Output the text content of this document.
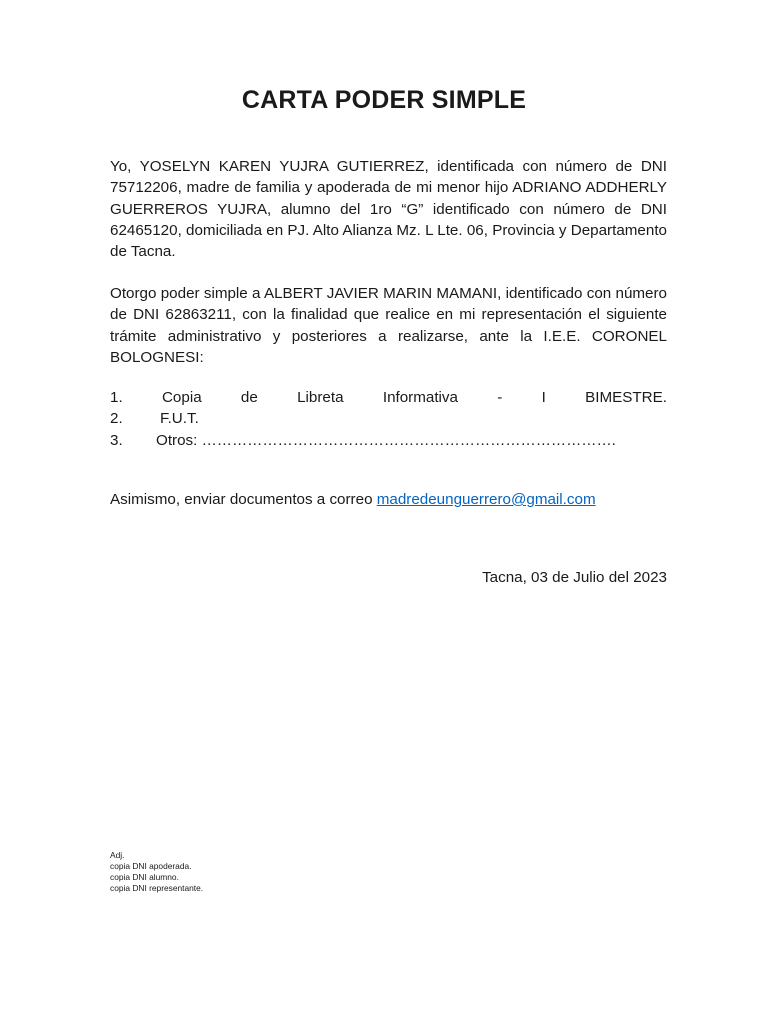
CARTA PODER SIMPLE

Yo, YOSELYN KAREN YUJRA GUTIERREZ, identificada con número de DNI 75712206, madre de familia y apoderada de mi menor hijo ADRIANO ADDHERLY GUERREROS YUJRA, alumno del 1ro “G” identificado con número de DNI 62465120, domiciliada en PJ. Alto Alianza Mz. L Lte. 06, Provincia y Departamento de Tacna.

Otorgo poder simple a ALBERT JAVIER MARIN MAMANI, identificado con número de DNI 62863211, con la finalidad que realice en mi representación el siguiente trámite administrativo y posteriores a realizarse, ante la I.E.E. CORONEL BOLOGNESI:

1.	Copia	de	Libreta	Informativa	-	I	BIMESTRE.
2.	F.U.T.
3.	Otros: ……………………………………………………………………….
Asimismo, enviar documentos a correo madredeunguerrero@gmail.com
Tacna, 03 de Julio del 2023
Adj.
copia DNI apoderada.
copia DNI alumno.
copia DNI representante.
